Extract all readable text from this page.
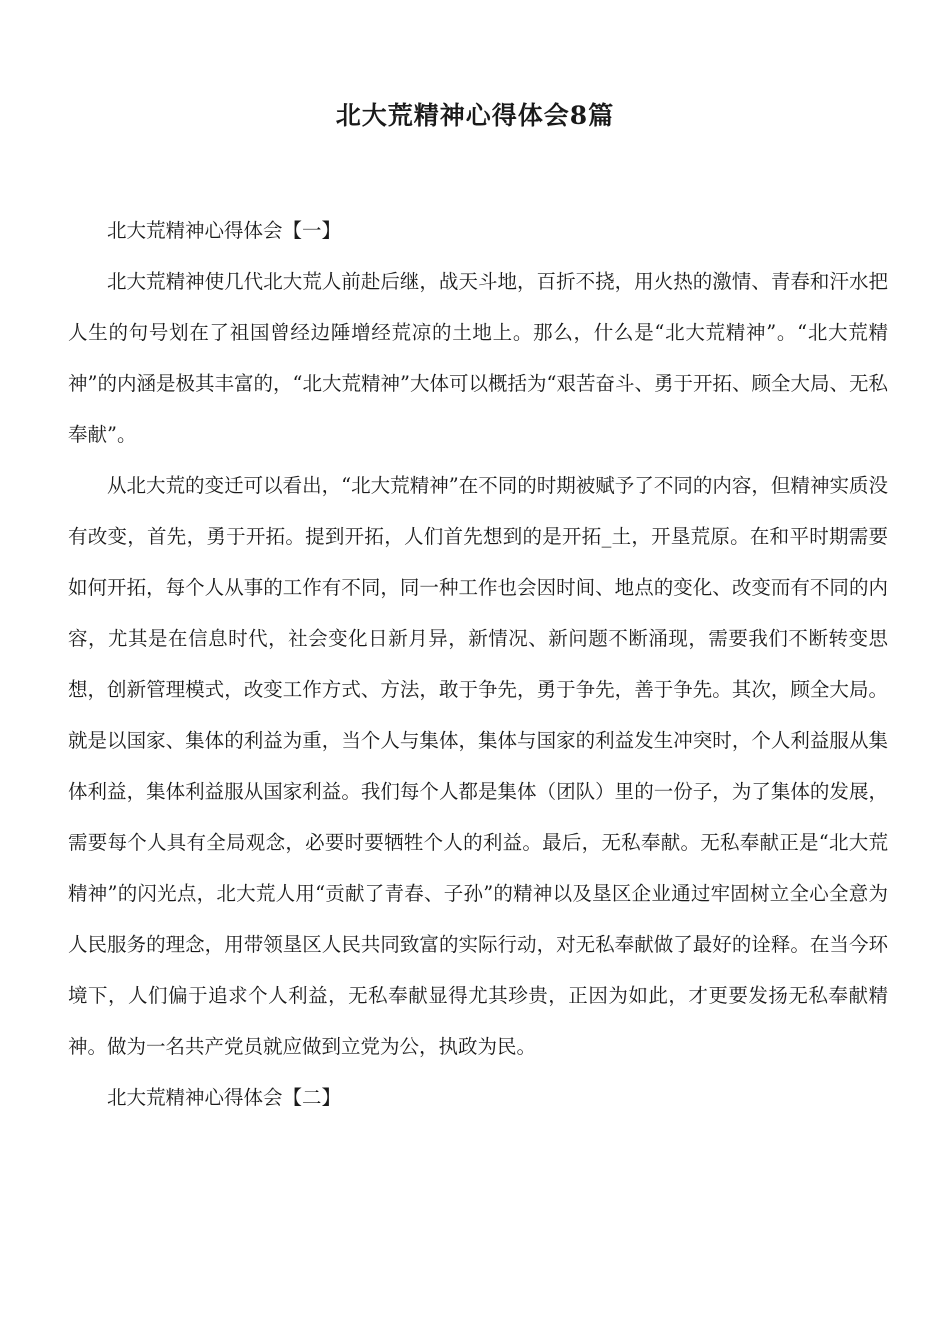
北大荒精神心得体会8篇

北大荒精神心得体会【一】

北大荒精神使几代北大荒人前赴后继，战天斗地，百折不挠，用火热的激情、青春和汗水把人生的句号划在了祖国曾经边陲增经荒凉的土地上。那么，什么是“北大荒精神”。“北大荒精神”的内涵是极其丰富的，“北大荒精神”大体可以概括为“艰苦奋斗、勇于开拓、顾全大局、无私奉献”。

从北大荒的变迁可以看出，“北大荒精神”在不同的时期被赋予了不同的内容，但精神实质没有改变，首先，勇于开拓。提到开拓，人们首先想到的是开拓_土，开垦荒原。在和平时期需要如何开拓，每个人从事的工作有不同，同一种工作也会因时间、地点的变化、改变而有不同的内容，尤其是在信息时代，社会变化日新月异，新情况、新问题不断涌现，需要我们不断转变思想，创新管理模式，改变工作方式、方法，敢于争先，勇于争先，善于争先。其次，顾全大局。就是以国家、集体的利益为重，当个人与集体，集体与国家的利益发生冲突时，个人利益服从集体利益，集体利益服从国家利益。我们每个人都是集体（团队）里的一份子，为了集体的发展，需要每个人具有全局观念，必要时要牺牲个人的利益。最后，无私奉献。无私奉献正是“北大荒精神”的闪光点，北大荒人用“贡献了青春、子孙”的精神以及垦区企业通过牢固树立全心全意为人民服务的理念，用带领垦区人民共同致富的实际行动，对无私奉献做了最好的诠释。在当今环境下，人们偏于追求个人利益，无私奉献显得尤其珍贵，正因为如此，才更要发扬无私奉献精神。做为一名共产党员就应做到立党为公，执政为民。

北大荒精神心得体会【二】
